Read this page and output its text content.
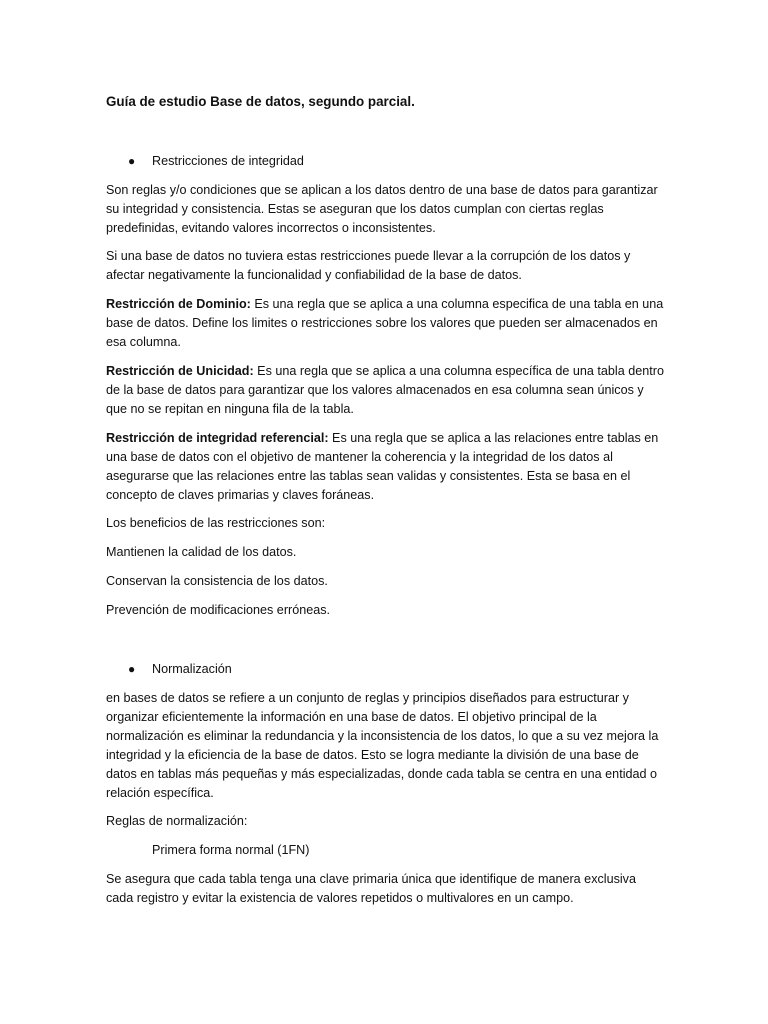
Guía de estudio Base de datos, segundo parcial.

● Restricciones de integridad

Son reglas y/o condiciones que se aplican a los datos dentro de una base de datos para garantizar su integridad y consistencia. Estas se aseguran que los datos cumplan con ciertas reglas predefinidas, evitando valores incorrectos o inconsistentes.

Si una base de datos no tuviera estas restricciones puede llevar a la corrupción de los datos y afectar negativamente la funcionalidad y confiabilidad de la base de datos.

Restricción de Dominio: Es una regla que se aplica a una columna especifica de una tabla en una base de datos. Define los limites o restricciones sobre los valores que pueden ser almacenados en esa columna.

Restricción de Unicidad: Es una regla que se aplica a una columna específica de una tabla dentro de la base de datos para garantizar que los valores almacenados en esa columna sean únicos y que no se repitan en ninguna fila de la tabla.

Restricción de integridad referencial: Es una regla que se aplica a las relaciones entre tablas en una base de datos con el objetivo de mantener la coherencia y la integridad de los datos al asegurarse que las relaciones entre las tablas sean validas y consistentes. Esta se basa en el concepto de claves primarias y claves foráneas.

Los beneficios de las restricciones son:

Mantienen la calidad de los datos.

Conservan la consistencia de los datos.

Prevención de modificaciones erróneas.

● Normalización

en bases de datos se refiere a un conjunto de reglas y principios diseñados para estructurar y organizar eficientemente la información en una base de datos. El objetivo principal de la normalización es eliminar la redundancia y la inconsistencia de los datos, lo que a su vez mejora la integridad y la eficiencia de la base de datos. Esto se logra mediante la división de una base de datos en tablas más pequeñas y más especializadas, donde cada tabla se centra en una entidad o relación específica.

Reglas de normalización:

Primera forma normal (1FN)

Se asegura que cada tabla tenga una clave primaria única que identifique de manera exclusiva cada registro y evitar la existencia de valores repetidos o multivalores en un campo.
